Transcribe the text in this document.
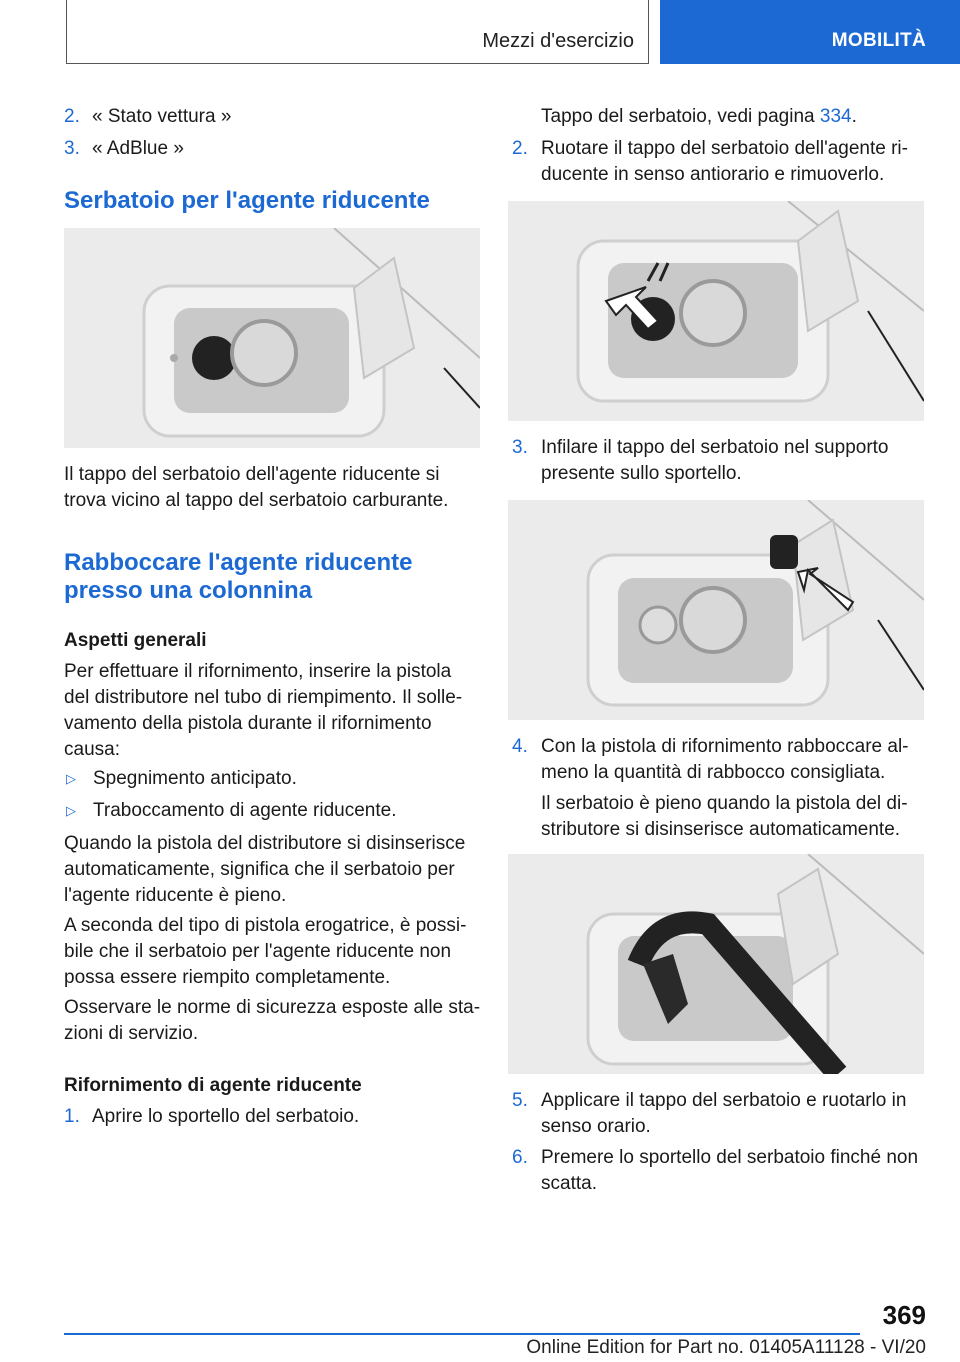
Mezzi d'esercizio	MOBILITÀ
2. « Stato vettura »

3. « AdBlue »

Serbatoio per l'agente riducente

Il tappo del serbatoio dell'agente riducente si

trova vicino al tappo del serbatoio carburante.

Rabboccare l'agente riducente
presso una colonnina
Aspetti generali

Per effettuare il rifornimento, inserire la pistola

del distributore nel tubo di riempimento. Il solle-

vamento della pistola durante il rifornimento

causa:

▷ Spegnimento anticipato.

▷ Traboccamento di agente riducente.

Quando la pistola del distributore si disinserisce

automaticamente, significa che il serbatoio per

l'agente riducente è pieno.

A seconda del tipo di pistola erogatrice, è possi-

bile che il serbatoio per l'agente riducente non

possa essere riempito completamente.

Osservare le norme di sicurezza esposte alle sta-

zioni di servizio.

Rifornimento di agente riducente
1. Aprire lo sportello del serbatoio.

Tappo del serbatoio, vedi pagina 334.

2. Ruotare il tappo del serbatoio dell'agente ri-

ducente in senso antiorario e rimuoverlo.

3. Infilare il tappo del serbatoio nel supporto

presente sullo sportello.

4. Con la pistola di rifornimento rabboccare al-

meno la quantità di rabbocco consigliata.

Il serbatoio è pieno quando la pistola del di-

stributore si disinserisce automaticamente.

5. Applicare il tappo del serbatoio e ruotarlo in

senso orario.

6. Premere lo sportello del serbatoio finché non

scatta.

369
Online Edition for Part no. 01405A11128 - VI/20
